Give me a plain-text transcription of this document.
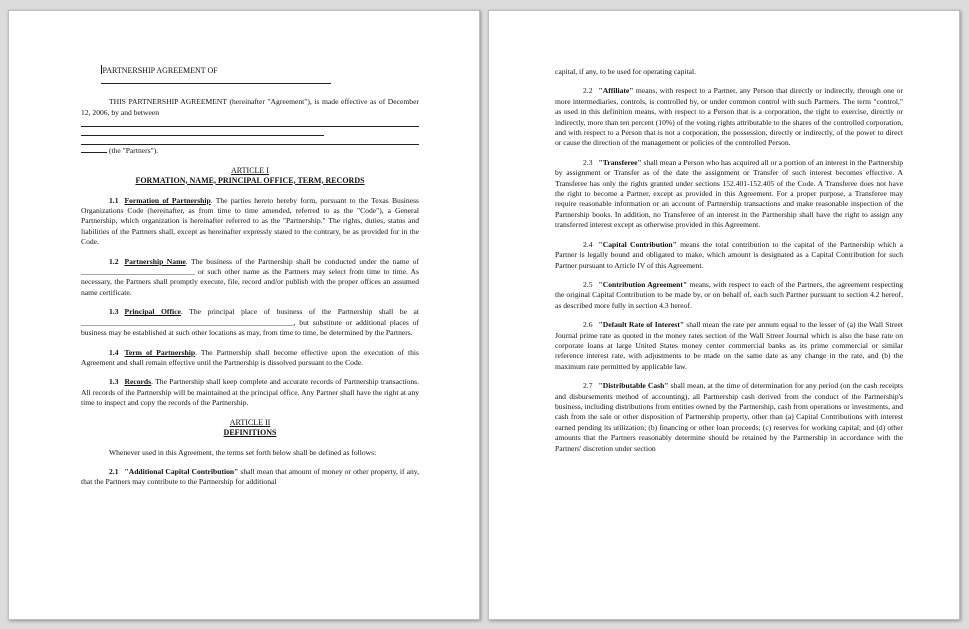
PARTNERSHIP AGREEMENT OF

THIS PARTNERSHIP AGREEMENT (hereinafter "Agreement"), is made effective as of December 12, 2006, by and between

(the "Partners").

ARTICLE I
FORMATION, NAME, PRINCIPAL OFFICE, TERM, RECORDS

1.1 Formation of Partnership. The parties hereto hereby form, pursuant to the Texas Business Organizations Code (hereinafter, as from time to time amended, referred to as the "Code"), a General Partnership, which organization is hereinafter referred to as the "Partnership." The rights, duties, status and liabilities of the Partners shall, except as hereinafter expressly stated to the contrary, be as provided for in the Code.

1.2 Partnership Name. The business of the Partnership shall be conducted under the name of ______________________________ or such other name as the Partners may select from time to time. As necessary, the Partners shall promptly execute, file, record and/or publish with the proper offices an assumed name certificate.

1.3 Principal Office. The principal place of business of the Partnership shall be at ________________________________________________________, but substitute or additional places of business may be established at such other locations as may, from time to time, be determined by the Partners.

1.4 Term of Partnership. The Partnership shall become effective upon the execution of this Agreement and shall remain effective until the Partnership is dissolved pursuant to the Code.

1.3 Records. The Partnership shall keep complete and accurate records of Partnership transactions. All records of the Partnership will be maintained at the principal office. Any Partner shall have the right at any time to inspect and copy the records of the Partnership.

ARTICLE II
DEFINITIONS

Whenever used in this Agreement, the terms set forth below shall be defined as follows:

2.1 "Additional Capital Contribution" shall mean that amount of money or other property, if any, that the Partners may contribute to the Partnership for additional

capital, if any, to be used for operating capital.

2.2 "Affiliate" means, with respect to a Partner, any Person that directly or indirectly, through one or more intermediaries, controls, is controlled by, or under common control with such Partners. The term "control," as used in this definition means, with respect to a Person that is a corporation, the right to exercise, directly or indirectly, more than ten percent (10%) of the voting rights attributable to the shares of the controlled corporation, and with respect to a Person that is not a corporation, the possession, directly or indirectly, of the power to direct or cause the direction of the management or policies of the controlled Person.

2.3 "Transferee" shall mean a Person who has acquired all or a portion of an interest in the Partnership by assignment or Transfer as of the date the assignment or Transfer of such interest becomes effective. A Transferee has only the rights granted under sections 152.401-152.405 of the Code. A Transferee does not have the right to become a Partner, except as provided in this Agreement. For a proper purpose, a Transferee may require reasonable information or an account of Partnership transactions and make reasonable inspection of the Partnership books. In addition, no Transferee of an interest in the Partnership shall have the right to assign any transferred interest except as otherwise provided in this Agreement.

2.4 "Capital Contribution" means the total contribution to the capital of the Partnership which a Partner is legally bound and obligated to make, which amount is designated as a Capital Contribution for such Partner pursuant to Article IV of this Agreement.

2.5 "Contribution Agreement" means, with respect to each of the Partners, the agreement respecting the original Capital Contribution to be made by, or on behalf of, each such Partner pursuant to section 4.2 hereof, as described more fully in section 4.3 hereof.

2.6 "Default Rate of Interest" shall mean the rate per annum equal to the lesser of (a) the Wall Street Journal prime rate as quoted in the money rates section of the Wall Street Journal which is also the base rate on corporate loans at large United States money center commercial banks as its prime commercial or similar reference interest rate, with adjustments to be made on the same date as any change in the rate, and (b) the maximum rate permitted by applicable law.

2.7 "Distributable Cash" shall mean, at the time of determination for any period (on the cash receipts and disbursements method of accounting), all Partnership cash derived from the conduct of the Partnership's business, including distributions from entities owned by the Partnership, cash from operations or investments, and cash from the sale or other disposition of Partnership property, other than (a) Capital Contributions with interest earned pending its utilization; (b) financing or other loan proceeds; (c) reserves for working capital; and (d) other amounts that the Partners reasonably determine should be retained by the Partnership in accordance with the Partners' discretion under section
